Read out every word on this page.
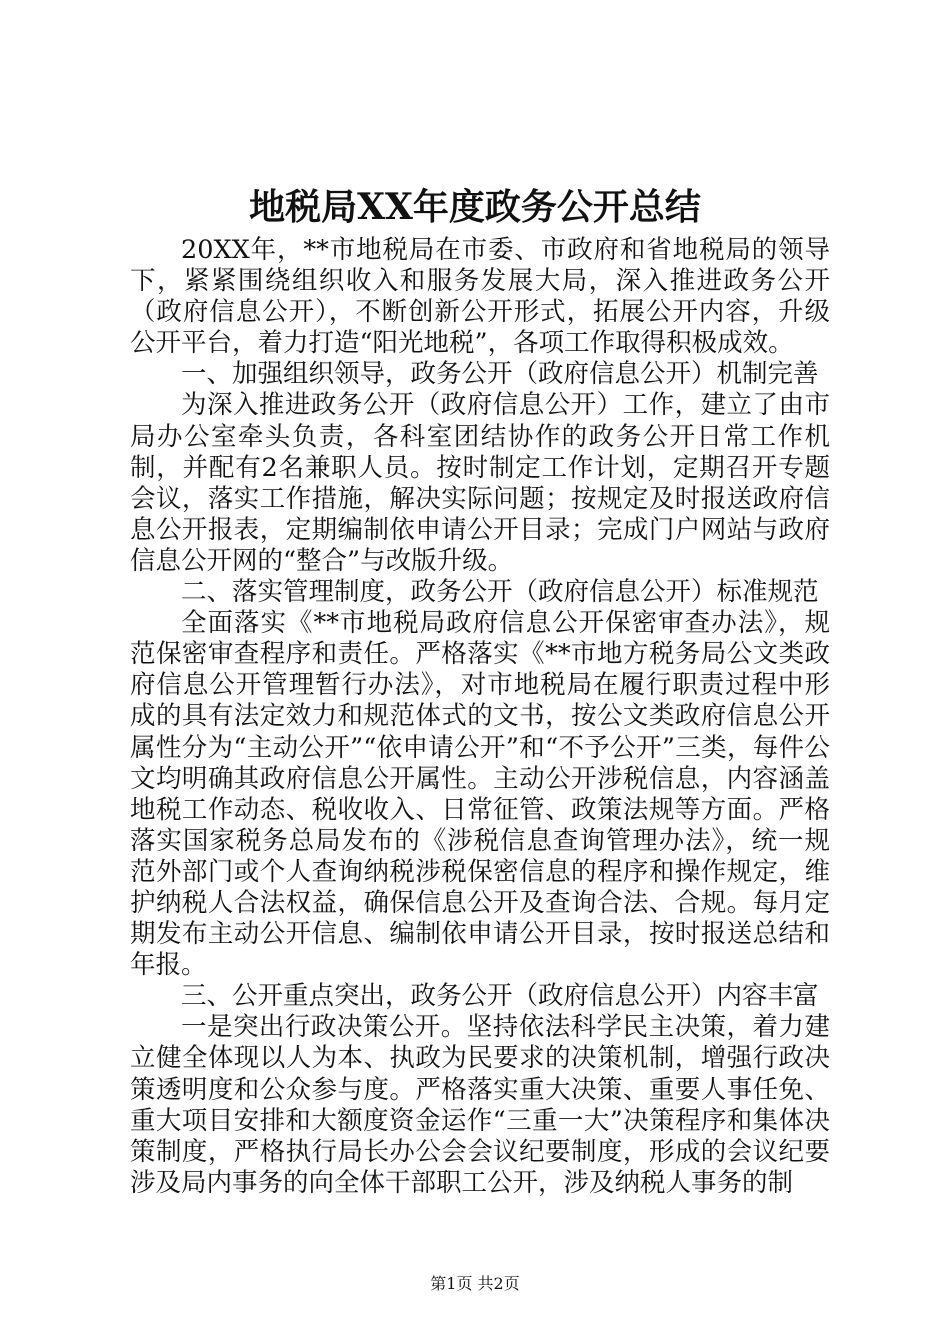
地税局XX年度政务公开总结

20XX年，**市地税局在市委、市政府和省地税局的领导下，紧紧围绕组织收入和服务发展大局，深入推进政务公开（政府信息公开），不断创新公开形式，拓展公开内容，升级公开平台，着力打造“阳光地税”，各项工作取得积极成效。

一、加强组织领导，政务公开（政府信息公开）机制完善

为深入推进政务公开（政府信息公开）工作，建立了由市局办公室牵头负责，各科室团结协作的政务公开日常工作机制，并配有2名兼职人员。按时制定工作计划，定期召开专题会议，落实工作措施，解决实际问题；按规定及时报送政府信息公开报表，定期编制依申请公开目录；完成门户网站与政府信息公开网的“整合”与改版升级。

二、落实管理制度，政务公开（政府信息公开）标准规范

全面落实《**市地税局政府信息公开保密审查办法》，规范保密审查程序和责任。严格落实《**市地方税务局公文类政府信息公开管理暂行办法》，对市地税局在履行职责过程中形成的具有法定效力和规范体式的文书，按公文类政府信息公开属性分为“主动公开”“依申请公开”和“不予公开”三类，每件公文均明确其政府信息公开属性。主动公开涉税信息，内容涵盖地税工作动态、税收收入、日常征管、政策法规等方面。严格落实国家税务总局发布的《涉税信息查询管理办法》，统一规范外部门或个人查询纳税涉税保密信息的程序和操作规定，维护纳税人合法权益，确保信息公开及查询合法、合规。每月定期发布主动公开信息、编制依申请公开目录，按时报送总结和年报。

三、公开重点突出，政务公开（政府信息公开）内容丰富

一是突出行政决策公开。坚持依法科学民主决策，着力建立健全体现以人为本、执政为民要求的决策机制，增强行政决策透明度和公众参与度。严格落实重大决策、重要人事任免、重大项目安排和大额度资金运作“三重一大”决策程序和集体决策制度，严格执行局长办公会会议纪要制度，形成的会议纪要涉及局内事务的向全体干部职工公开，涉及纳税人事务的制

第1页 共2页
